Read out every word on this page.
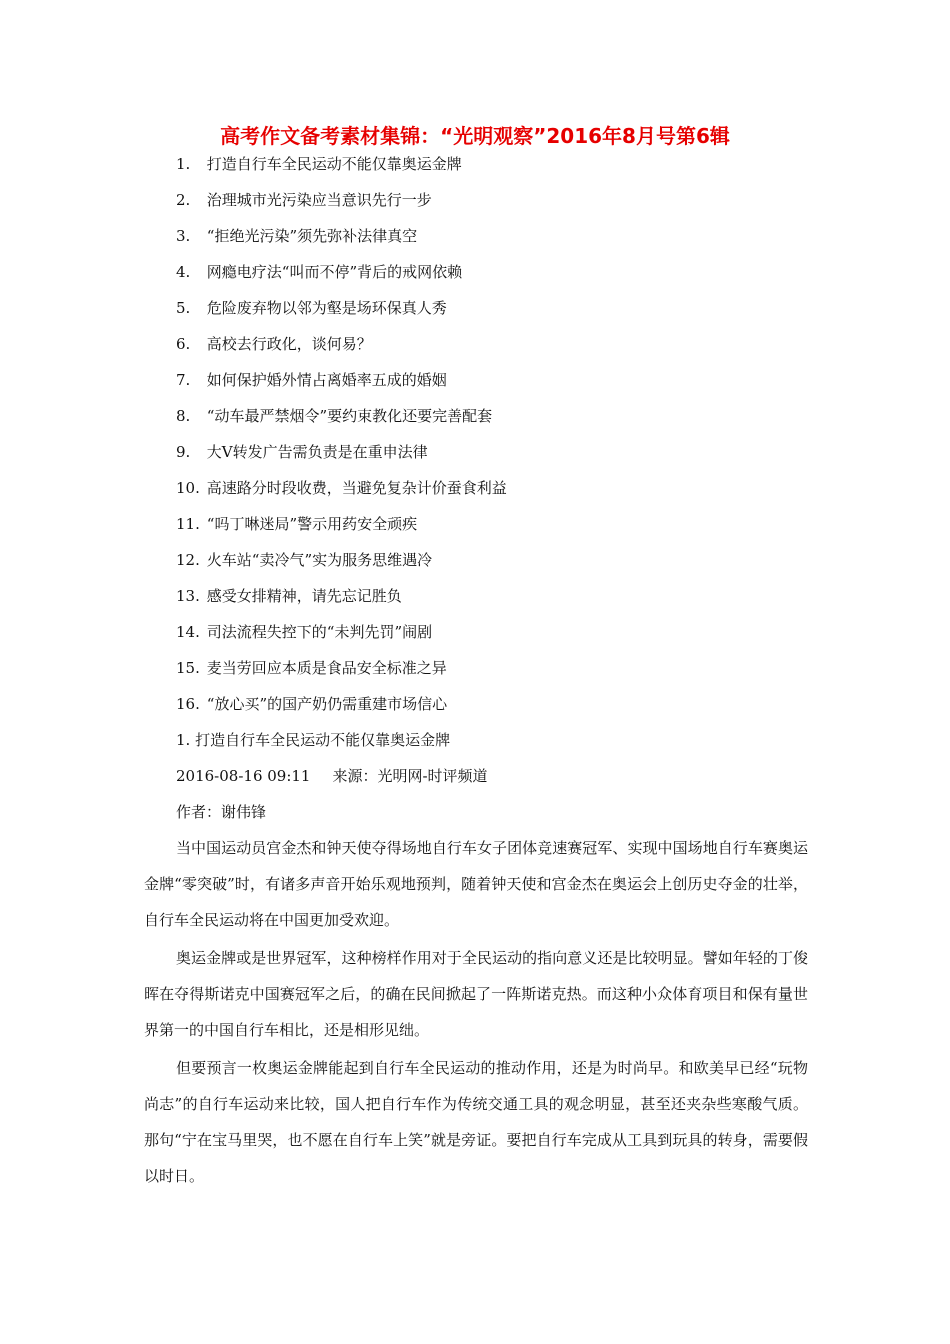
高考作文备考素材集锦：“光明观察”2016年8月号第6辑
1. 打造自行车全民运动不能仅靠奥运金牌
2. 治理城市光污染应当意识先行一步
3. “拒绝光污染”须先弥补法律真空
4. 网瘾电疗法“叫而不停”背后的戒网依赖
5. 危险废弃物以邻为壑是场环保真人秀
6. 高校去行政化，谈何易？
7. 如何保护婚外情占离婚率五成的婚姻
8. “动车最严禁烟令”要约束教化还要完善配套
9. 大V转发广告需负责是在重申法律
10. 高速路分时段收费，当避免复杂计价蚕食利益
11. “吗丁啉迷局”警示用药安全顽疾
12. 火车站“卖冷气”实为服务思维遇冷
13. 感受女排精神，请先忘记胜负
14. 司法流程失控下的“未判先罚”闹剧
15. 麦当劳回应本质是食品安全标准之异
16. “放心买”的国产奶仍需重建市场信心
1. 打造自行车全民运动不能仅靠奥运金牌
2016-08-16 09:11 来源：光明网-时评频道
作者：谢伟锋

当中国运动员宫金杰和钟天使夺得场地自行车女子团体竞速赛冠军、实现中国场地自行车赛奥运金牌“零突破”时，有诸多声音开始乐观地预判，随着钟天使和宫金杰在奥运会上创历史夺金的壮举，自行车全民运动将在中国更加受欢迎。

奥运金牌或是世界冠军，这种榜样作用对于全民运动的指向意义还是比较明显。譬如年轻的丁俊晖在夺得斯诺克中国赛冠军之后，的确在民间掀起了一阵斯诺克热。而这种小众体育项目和保有量世界第一的中国自行车相比，还是相形见绌。

但要预言一枚奥运金牌能起到自行车全民运动的推动作用，还是为时尚早。和欧美早已经“玩物尚志”的自行车运动来比较，国人把自行车作为传统交通工具的观念明显，甚至还夹杂些寒酸气质。那句“宁在宝马里哭，也不愿在自行车上笑”就是旁证。要把自行车完成从工具到玩具的转身，需要假以时日。
